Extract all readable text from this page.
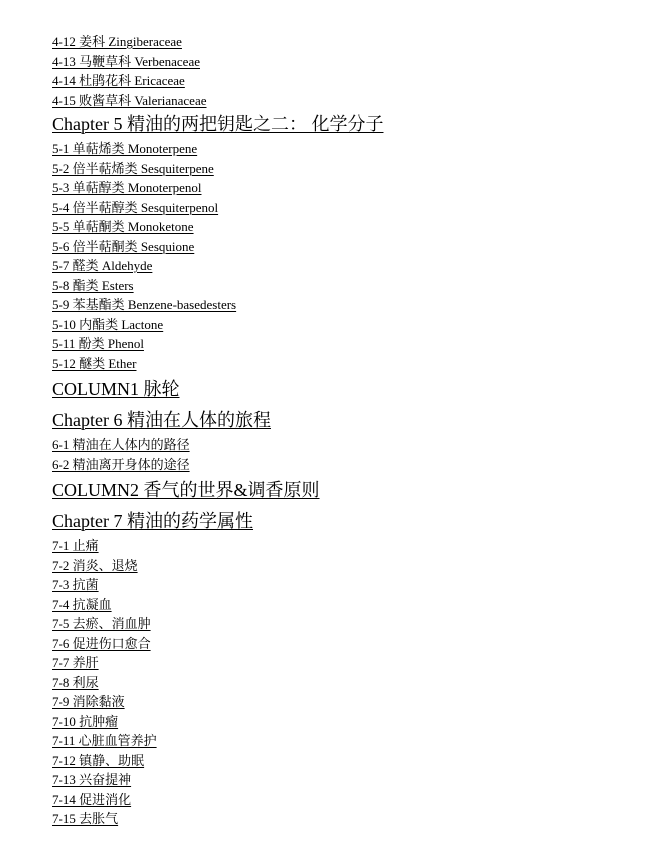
4-12 姜科 Zingiberaceae
4-13 马鞭草科 Verbenaceae
4-14 杜鹃花科 Ericaceae
4-15 败酱草科 Valerianaceae
Chapter 5 精油的两把钥匙之二： 化学分子
5-1 单萜烯类 Monoterpene
5-2 倍半萜烯类 Sesquiterpene
5-3 单萜醇类 Monoterpenol
5-4 倍半萜醇类 Sesquiterpenol
5-5 单萜酮类 Monoketone
5-6 倍半萜酮类 Sesquione
5-7 醛类 Aldehyde
5-8 酯类 Esters
5-9 苯基酯类 Benzene-basedesters
5-10 内酯类 Lactone
5-11 酚类 Phenol
5-12 醚类 Ether
COLUMN1 脉轮
Chapter 6 精油在人体的旅程
6-1 精油在人体内的路径
6-2 精油离开身体的途径
COLUMN2 香气的世界&调香原则
Chapter 7 精油的药学属性
7-1 止痛
7-2 消炎、退烧
7-3 抗菌
7-4 抗凝血
7-5 去瘀、消血肿
7-6 促进伤口愈合
7-7 养肝
7-8 利尿
7-9 消除黏液
7-10 抗肿瘤
7-11 心脏血管养护
7-12 镇静、助眠
7-13 兴奋提神
7-14 促进消化
7-15 去胀气
